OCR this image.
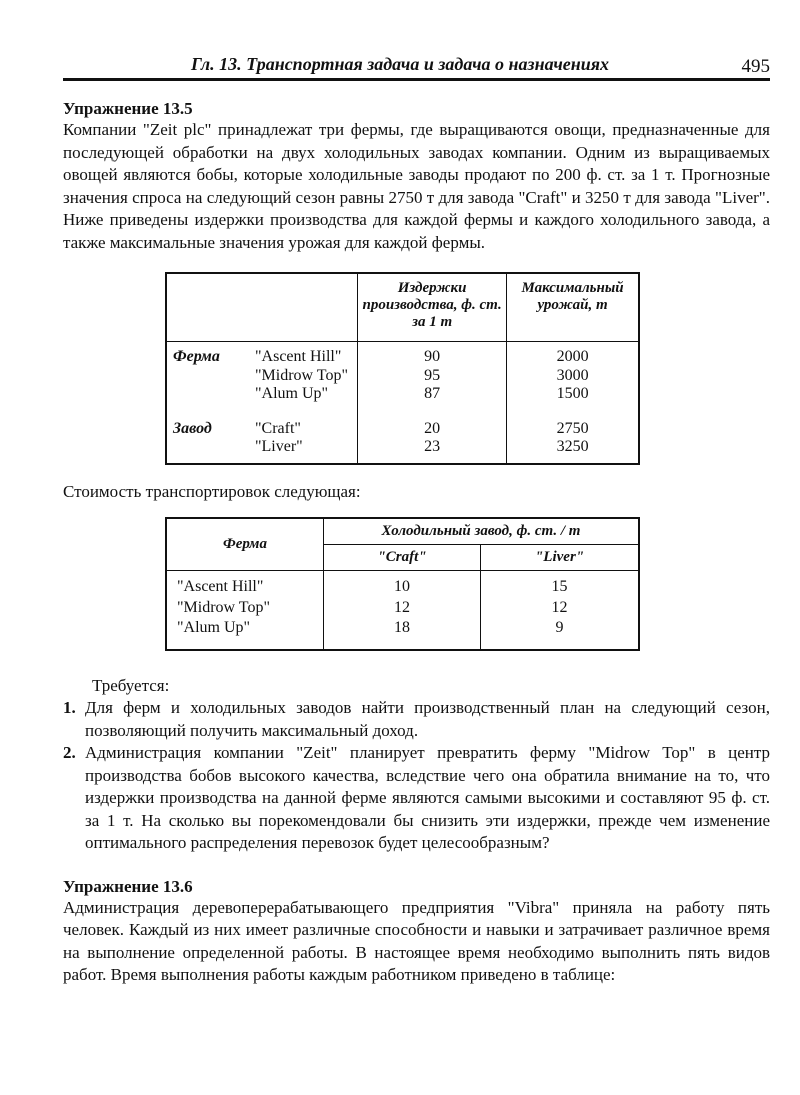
Гл. 13. Транспортная задача и задача о назначениях	495
Упражнение 13.5

Компании "Zeit plc" принадлежат три фермы, где выращиваются овощи, предназначенные для последующей обработки на двух холодильных заводах компании. Одним из выращиваемых овощей являются бобы, которые холодильные заводы продают по 200 ф. ст. за 1 т. Прогнозные значения спроса на следующий сезон равны 2750 т для завода "Craft" и 3250 т для завода "Liver". Ниже приведены издержки производства для каждой фермы и каждого холодильного завода, а также максимальные значения урожая для каждой фермы.

		Издержки производства, ф. ст. за 1 т	Максимальный урожай, т

Ферма	"Ascent Hill"	90	2000
	"Midrow Top"	95	3000
	"Alum Up"	87	1500

Завод	"Craft"	20	2750
	"Liver"	23	3250

Стоимость транспортировок следующая:

Ферма	Холодильный завод, ф. ст. / т	
	"Craft"	"Liver"

"Ascent Hill"	10	15
"Midrow Top"	12	12
"Alum Up"	18	9

Требуется:

1. Для ферм и холодильных заводов найти производственный план на следующий сезон, позволяющий получить максимальный доход.
2. Администрация компании "Zeit" планирует превратить ферму "Midrow Top" в центр производства бобов высокого качества, вследствие чего она обратила внимание на то, что издержки производства на данной ферме являются самыми высокими и составляют 95 ф. ст. за 1 т. На сколько вы порекомендовали бы снизить эти издержки, прежде чем изменение оптимального распределения перевозок будет целесообразным?
Упражнение 13.6

Администрация деревоперерабатывающего предприятия "Vibra" приняла на работу пять человек. Каждый из них имеет различные способности и навыки и затрачивает различное время на выполнение определенной работы. В настоящее время необходимо выполнить пять видов работ. Время выполнения работы каждым работником приведено в таблице:
